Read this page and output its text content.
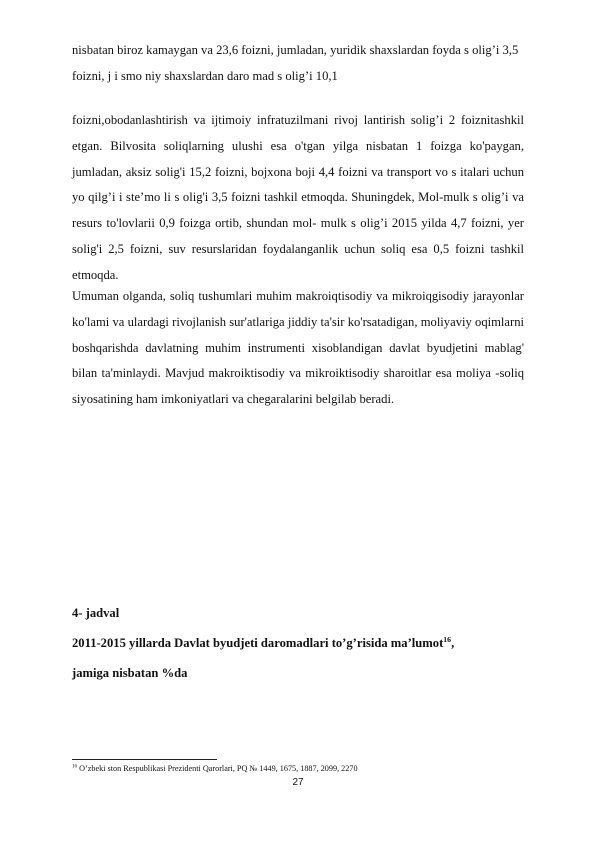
nisbatan biroz kamaygan va 23,6 foizni, jumladan, yuridik shaxslardan foyda s olig’i 3,5 foizni, j i smo niy shaxslardan daro mad s olig’i 10,1

foizni,obodanlashtirish va ijtimoiy infratuzilmani rivoj lantirish solig’i 2 foiznitashkil etgan. Bilvosita soliqlarning ulushi esa o'tgan yilga nisbatan 1 foizga ko'paygan, jumladan, aksiz solig'i 15,2 foizni, bojxona boji 4,4 foizni va transport vo s italari uchun yo qilg’i i ste’mo li s olig'i 3,5 foizni tashkil etmoqda. Shuningdek, Mol-mulk s olig’i va resurs to'lovlarii 0,9 foizga ortib, shundan mol- mulk s olig’i 2015 yilda 4,7 foizni, yer solig'i 2,5 foizni, suv resurslaridan foydalanganlik uchun soliq esa 0,5 foizni tashkil etmoqda.

Umuman olganda, soliq tushumlari muhim makroiqtisodiy va mikroiqgisodiy jarayonlar ko'lami va ulardagi rivojlanish sur'atlariga jiddiy ta'sir ko'rsatadigan, moliyaviy oqimlarni boshqarishda davlatning muhim instrumenti xisoblandigan davlat byudjetini mablag' bilan ta'minlaydi. Mavjud makroiktisodiy va mikroiktisodiy sharoitlar esa moliya -soliq siyosatining ham imkoniyatlari va chegaralarini belgilab beradi.

4- jadval

2011-2015 yillarda Davlat byudjeti daromadlari to’g’risida ma’lumot$^{16}$,

jamiga nisbatan %da

$^{16}$ O’zbeki ston Respublikasi Prezidenti Qarorlari, PQ № 1449, 1675, 1887, 2099, 2270

27
